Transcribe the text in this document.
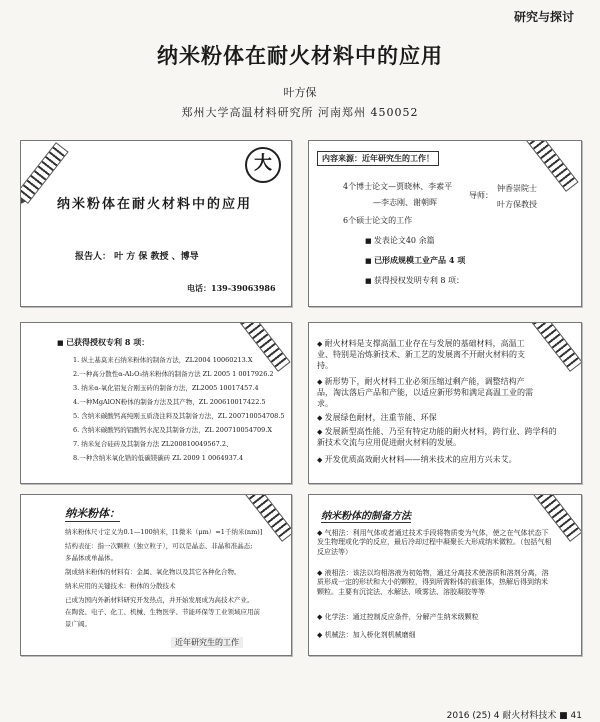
研究与探讨
纳米粉体在耐火材料中的应用
叶方保
郑州大学高温材料研究所 河南郑州 450052
大
纳米粉体在耐火材料中的应用
报告人： 叶 方 保 教授 、博导
电话：139-39063986
内容来源：近年研究生的工作！
4个博士论文—贾晓林、李素平
—李志刚、谢朝晖
导师：
钟香崇院士
叶方保教授
6个硕士论文的工作
■ 发表论文40 余篇
■ 已形成规模工业产品 4 项
■ 获得授权发明专利 8 项：
■ 已获得授权专利 8 项：
1. 纵土基莫来石纳米粉体的制备方法，ZL2004 10060213.X
2.一种高分散性α-Al₂O₃纳米粉体的制备方法 ZL 2005 1 0017926.2
3. 纳米α-氧化铝复合刚玉砖的制备方法，ZL2005 10017457.4
4.一种MgAlON粉体的制备方法及其产物，ZL 200610017422.5
5. 含纳米碳酸钙高纯刚玉质浇注料及其制备方法，ZL 200710054708.5
6. 含纳米碳酸钙的铝酸钙水泥及其制备方法，ZL 200710054709.X
7. 纳米复合硅砖及其制备方法 ZL200810049567.2、
8.一种含纳米氧化锆的低碳镁碳砖 ZL 2009 1 0064937.4
◆ 耐火材料是支撑高温工业存在与发展的基础材料，高温工业、特别是冶炼新技术、新工艺的发展离不开耐火材料的支持。
◆ 新形势下，耐火材料工业必须压缩过剩产能，调整结构产品，淘汰落后产品和产能，以适应新形势和满足高温工业的需求。
◆ 发展绿色耐材，注重节能、环保
◆ 发展新型高性能、乃至有特定功能的耐火材料，跨行业、跨学科的新技术交流与应用促进耐火材料的发展。
◆ 开发优质高效耐火材料——纳米技术的应用方兴未艾。
纳米粉体：
纳米粉体尺寸定义为0.1—100纳米，[1微米（μm）=1千纳米(nm)]
结构表征：指一次颗粒（独立粒子），可以是晶态、非晶和准晶态;
多晶体或单晶体。
制成纳米粉体的材料有：金属、氧化物以及其它各种化合物。
纳米应用的关键技术：粉体的分散技术
已成为国内外新材料研究开发热点，并开始发展成为高技术产业。
在陶瓷、电子、化工、机械、生物医学、节能环保等工业领域应用前
景广阔。
近年研究生的工作
纳米粉体的制备方法
◆ 气相法：利用气体或者通过技术手段将物质变为气体，使之在气体状态下发生物理或化学的反应，最后冷却过程中凝聚长大形成纳米微粒。（包括气相反应法等）
◆ 液相法：该法以均相溶液为初始物，通过分离技术使溶质和溶剂分离，溶质形成一定的形状和大小的颗粒，得到所需粉体的前驱体，热解后得到纳米颗粒。主要有沉淀法、水解法、喷雾法、溶胶凝胶等等
◆ 化学法：通过控制反应条件，分解产生纳米级颗粒
◆ 机械法：加入桥化剂机械磨细
2016 (25) 4 耐火材料技术 ■ 41
